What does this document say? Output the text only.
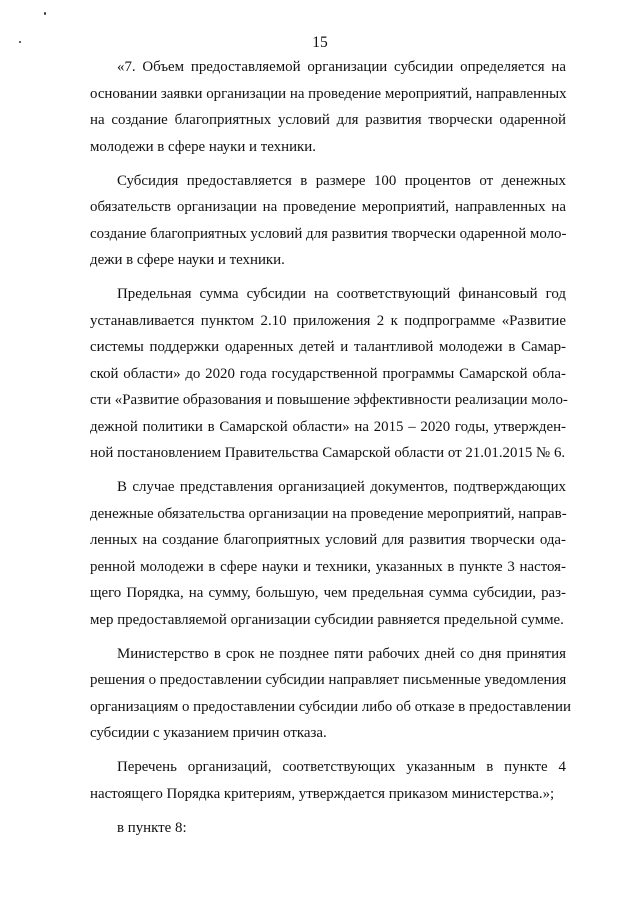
15
«7. Объем предоставляемой организации субсидии определяется на
основании заявки организации на проведение мероприятий, направленных
на создание благоприятных условий для развития творчески одаренной
молодежи в сфере науки и техники.
Субсидия предоставляется в размере 100 процентов от денежных
обязательств организации на проведение мероприятий, направленных на
создание благоприятных условий для развития творчески одаренной моло-
дежи в сфере науки и техники.
Предельная сумма субсидии на соответствующий финансовый год
устанавливается пунктом 2.10 приложения 2 к подпрограмме «Развитие
системы поддержки одаренных детей и талантливой молодежи в Самар-
ской области» до 2020 года государственной программы Самарской обла-
сти «Развитие образования и повышение эффективности реализации моло-
дежной политики в Самарской области» на 2015 – 2020 годы, утвержден-
ной постановлением Правительства Самарской области от 21.01.2015 № 6.
В случае представления организацией документов, подтверждающих
денежные обязательства организации на проведение мероприятий, направ-
ленных на создание благоприятных условий для развития творчески ода-
ренной молодежи в сфере науки и техники, указанных в пункте 3 настоя-
щего Порядка, на сумму, большую, чем предельная сумма субсидии, раз-
мер предоставляемой организации субсидии равняется предельной сумме.
Министерство в срок не позднее пяти рабочих дней со дня принятия
решения о предоставлении субсидии направляет письменные уведомления
организациям о предоставлении субсидии либо об отказе в предоставлении
субсидии с указанием причин отказа.
Перечень организаций, соответствующих указанным в пункте 4
настоящего Порядка критериям, утверждается приказом министерства.»;
в пункте 8:
